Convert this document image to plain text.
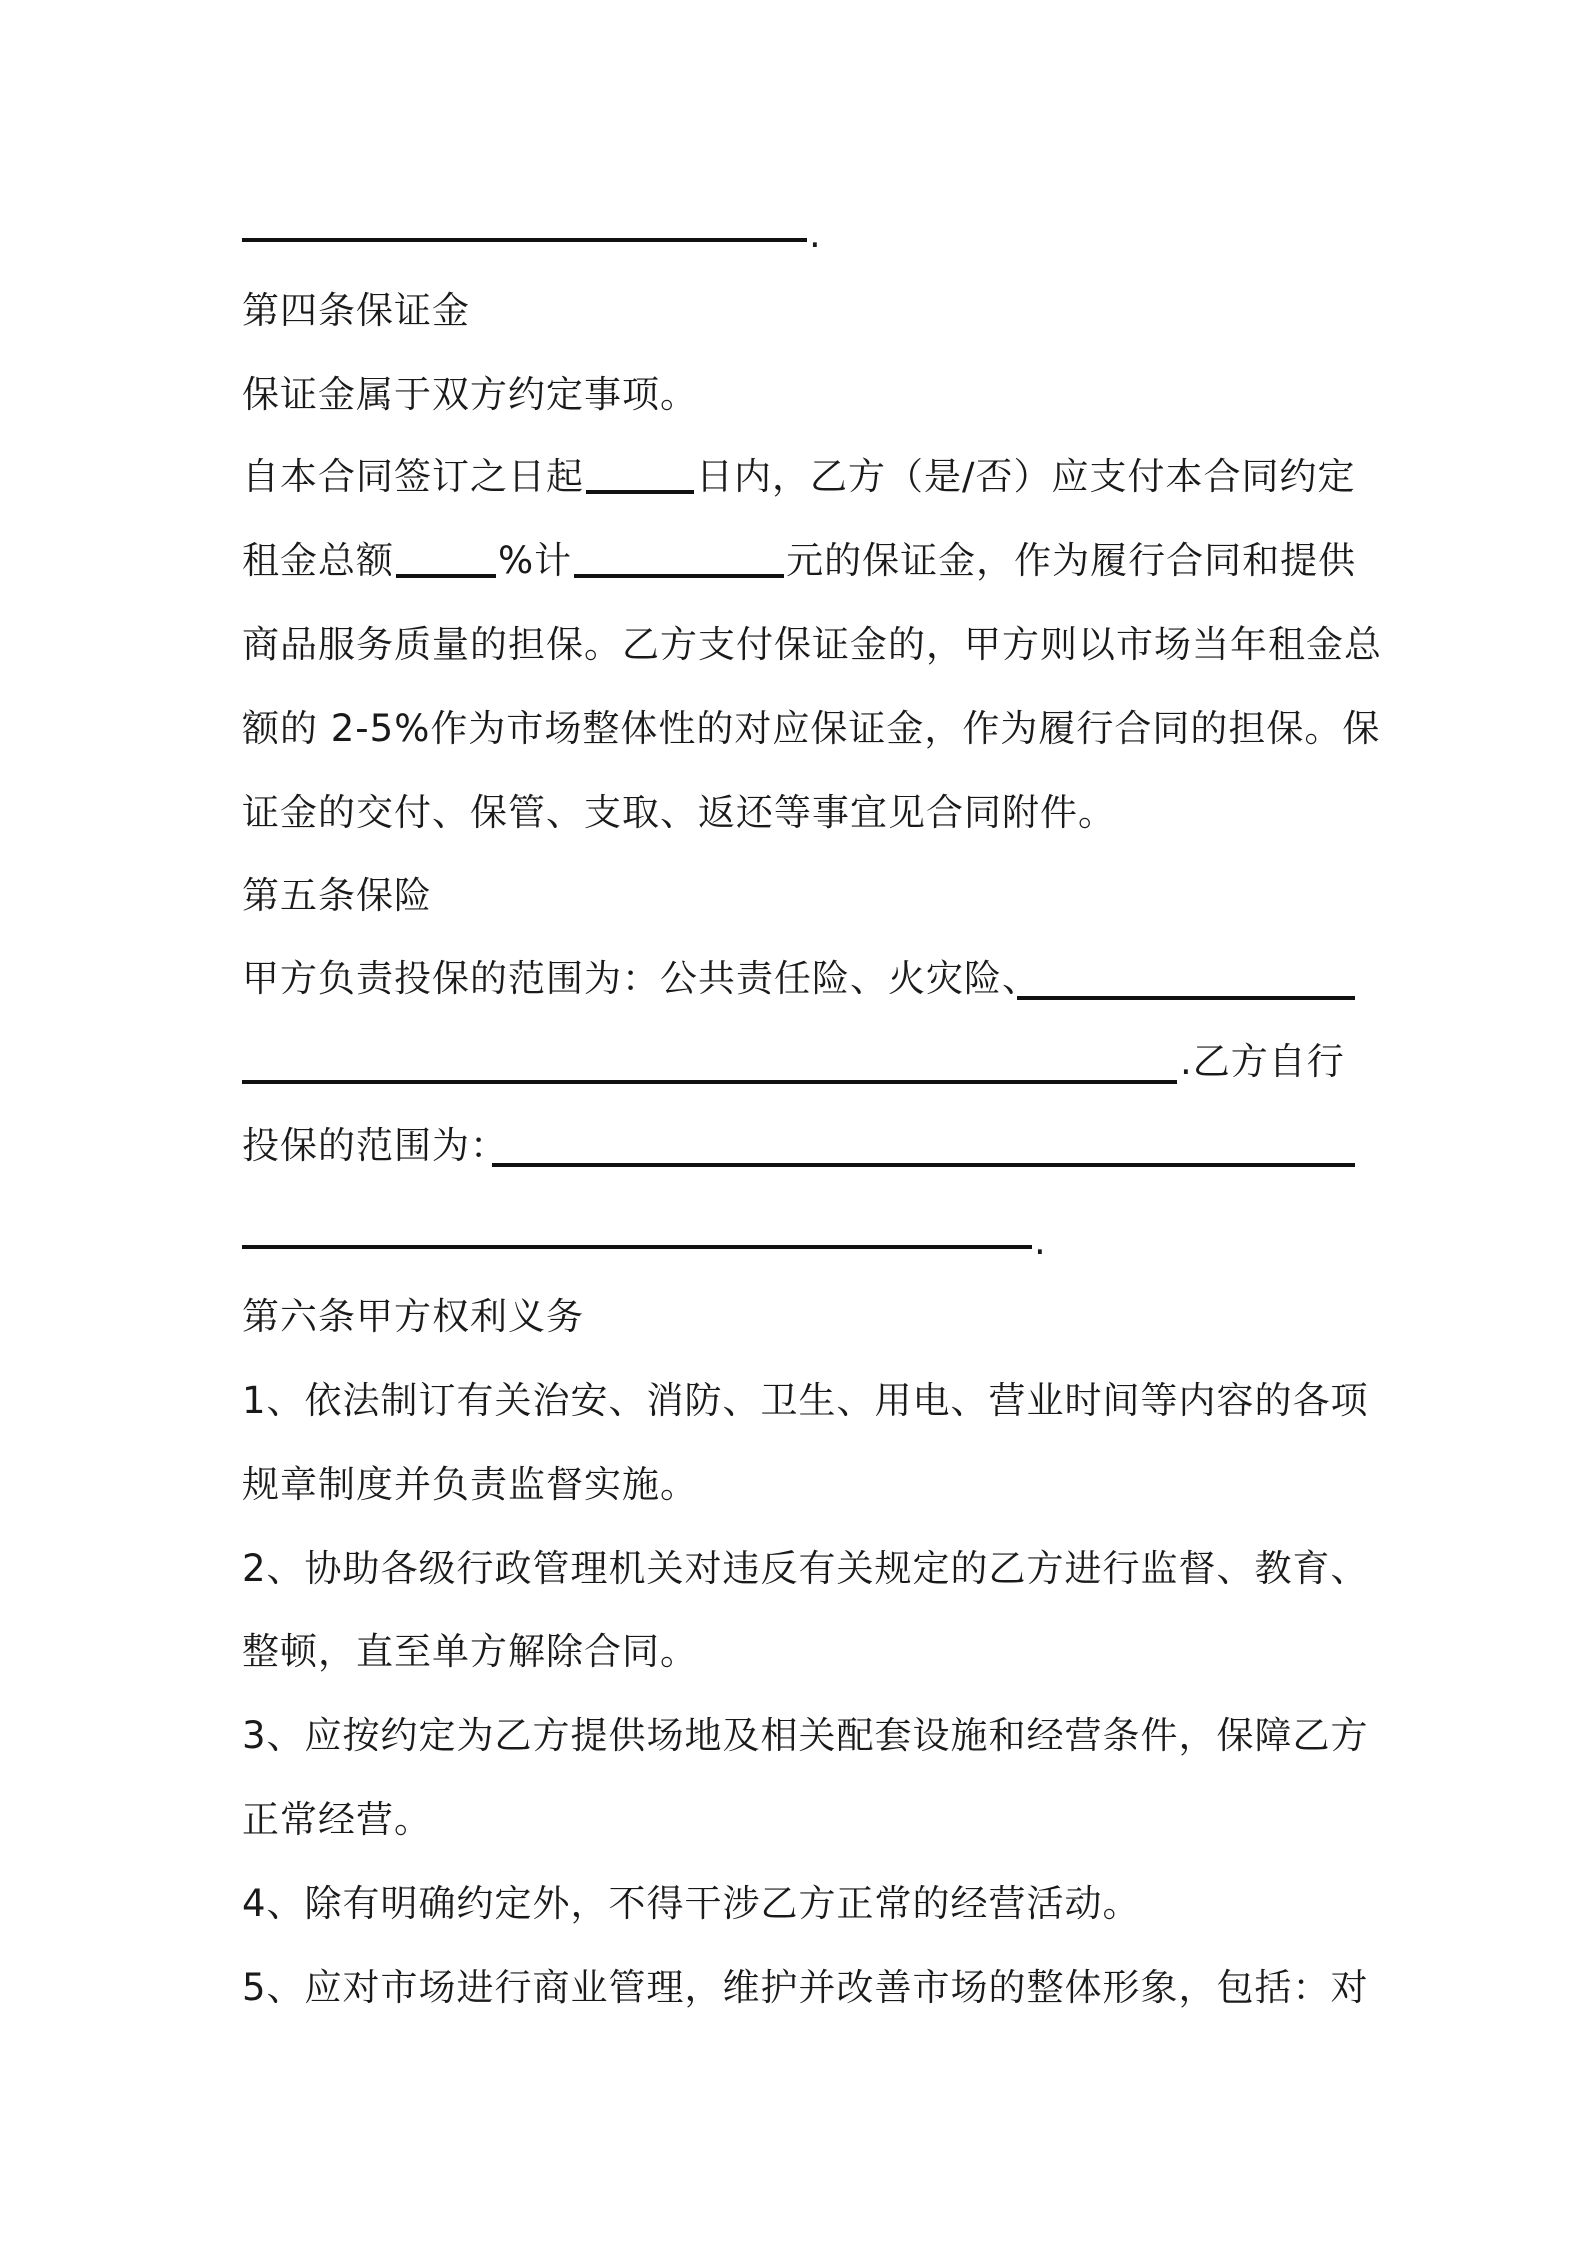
.
第四条保证金
保证金属于双方约定事项。
自本合同签订之日起	日内，乙方（是/否）应支付本合同约定
租金总额	%计	元的保证金，作为履行合同和提供
商品服务质量的担保。乙方支付保证金的，甲方则以市场当年租金总
额的 2-5%作为市场整体性的对应保证金，作为履行合同的担保。保
证金的交付、保管、支取、返还等事宜见合同附件。
第五条保险
甲方负责投保的范围为：公共责任险、火灾险、
.乙方自行
投保的范围为：
.
第六条甲方权利义务
1、依法制订有关治安、消防、卫生、用电、营业时间等内容的各项
规章制度并负责监督实施。
2、协助各级行政管理机关对违反有关规定的乙方进行监督、教育、
整顿，直至单方解除合同。
3、应按约定为乙方提供场地及相关配套设施和经营条件，保障乙方
正常经营。
4、除有明确约定外，不得干涉乙方正常的经营活动。
5、应对市场进行商业管理，维护并改善市场的整体形象，包括：对
